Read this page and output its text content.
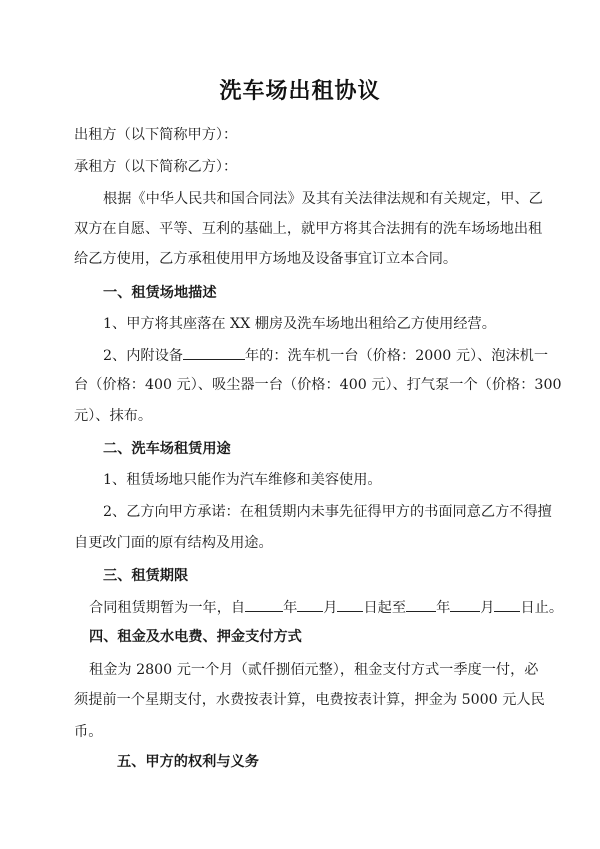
洗车场出租协议
出租方（以下简称甲方）：
承租方（以下简称乙方）：
根据《中华人民共和国合同法》及其有关法律法规和有关规定，甲、乙
双方在自愿、平等、互利的基础上，就甲方将其合法拥有的洗车场场地出租
给乙方使用，乙方承租使用甲方场地及设备事宜订立本合同。
一、租赁场地描述
1、甲方将其座落在 XX 棚房及洗车场地出租给乙方使用经营。
2、内附设备	年的：洗车机一台（价格：2000 元）、泡沫机一
台（价格：400 元）、吸尘器一台（价格：400 元）、打气泵一个（价格：300
元）、抹布。
二、洗车场租赁用途
1、租赁场地只能作为汽车维修和美容使用。
2、乙方向甲方承诺：在租赁期内未事先征得甲方的书面同意乙方不得擅
自更改门面的原有结构及用途。
三、租赁期限
合同租赁期暂为一年，自	年 月 日起至 年 月 日止。
四、租金及水电费、押金支付方式
租金为 2800 元一个月（贰仟捌佰元整），租金支付方式一季度一付，必
须提前一个星期支付，水费按表计算，电费按表计算，押金为 5000 元人民
币。
五、甲方的权利与义务
